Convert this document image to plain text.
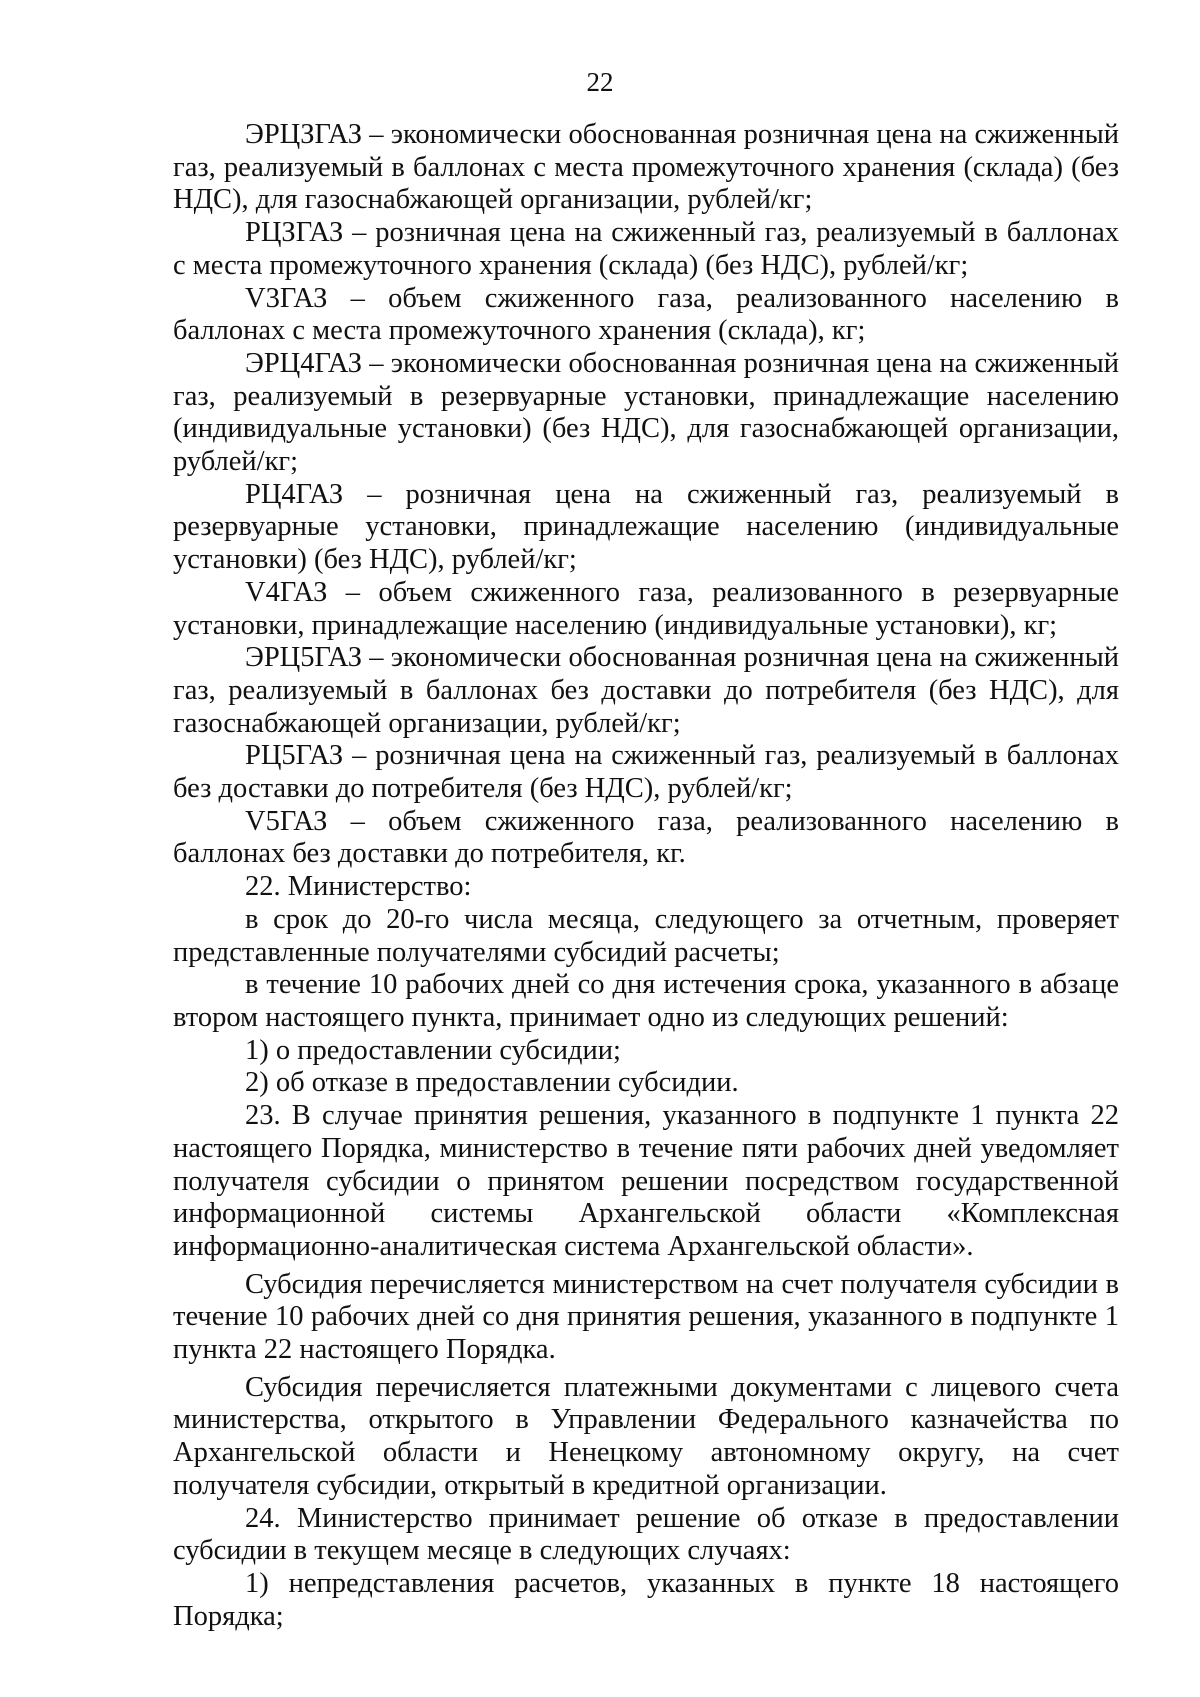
22

ЭРЦЗГАЗ – экономически обоснованная розничная цена на сжиженный газ, реализуемый в баллонах с места промежуточного хранения (склада) (без НДС), для газоснабжающей организации, рублей/кг;

РЦЗГАЗ – розничная цена на сжиженный газ, реализуемый в баллонах с места промежуточного хранения (склада) (без НДС), рублей/кг;

V3ГАЗ – объем сжиженного газа, реализованного населению в баллонах с места промежуточного хранения (склада), кг;

ЭРЦ4ГАЗ – экономически обоснованная розничная цена на сжиженный газ, реализуемый в резервуарные установки, принадлежащие населению (индивидуальные установки) (без НДС), для газоснабжающей организации, рублей/кг;

РЦ4ГАЗ – розничная цена на сжиженный газ, реализуемый в резервуарные установки, принадлежащие населению (индивидуальные установки) (без НДС), рублей/кг;

V4ГАЗ – объем сжиженного газа, реализованного в резервуарные установки, принадлежащие населению (индивидуальные установки), кг;

ЭРЦ5ГАЗ – экономически обоснованная розничная цена на сжиженный газ, реализуемый в баллонах без доставки до потребителя (без НДС), для газоснабжающей организации, рублей/кг;

РЦ5ГАЗ – розничная цена на сжиженный газ, реализуемый в баллонах без доставки до потребителя (без НДС), рублей/кг;

V5ГАЗ – объем сжиженного газа, реализованного населению в баллонах без доставки до потребителя, кг.

22. Министерство:

в срок до 20-го числа месяца, следующего за отчетным, проверяет представленные получателями субсидий расчеты;

в течение 10 рабочих дней со дня истечения срока, указанного в абзаце втором настоящего пункта, принимает одно из следующих решений:

1) о предоставлении субсидии;

2) об отказе в предоставлении субсидии.

23. В случае принятия решения, указанного в подпункте 1 пункта 22 настоящего Порядка, министерство в течение пяти рабочих дней уведомляет получателя субсидии о принятом решении посредством государственной информационной системы Архангельской области «Комплексная информационно-аналитическая система Архангельской области».

Субсидия перечисляется министерством на счет получателя субсидии в течение 10 рабочих дней со дня принятия решения, указанного в подпункте 1 пункта 22 настоящего Порядка.

Субсидия перечисляется платежными документами с лицевого счета министерства, открытого в Управлении Федерального казначейства по Архангельской области и Ненецкому автономному округу, на счет получателя субсидии, открытый в кредитной организации.

24. Министерство принимает решение об отказе в предоставлении субсидии в текущем месяце в следующих случаях:

1) непредставления расчетов, указанных в пункте 18 настоящего Порядка;
